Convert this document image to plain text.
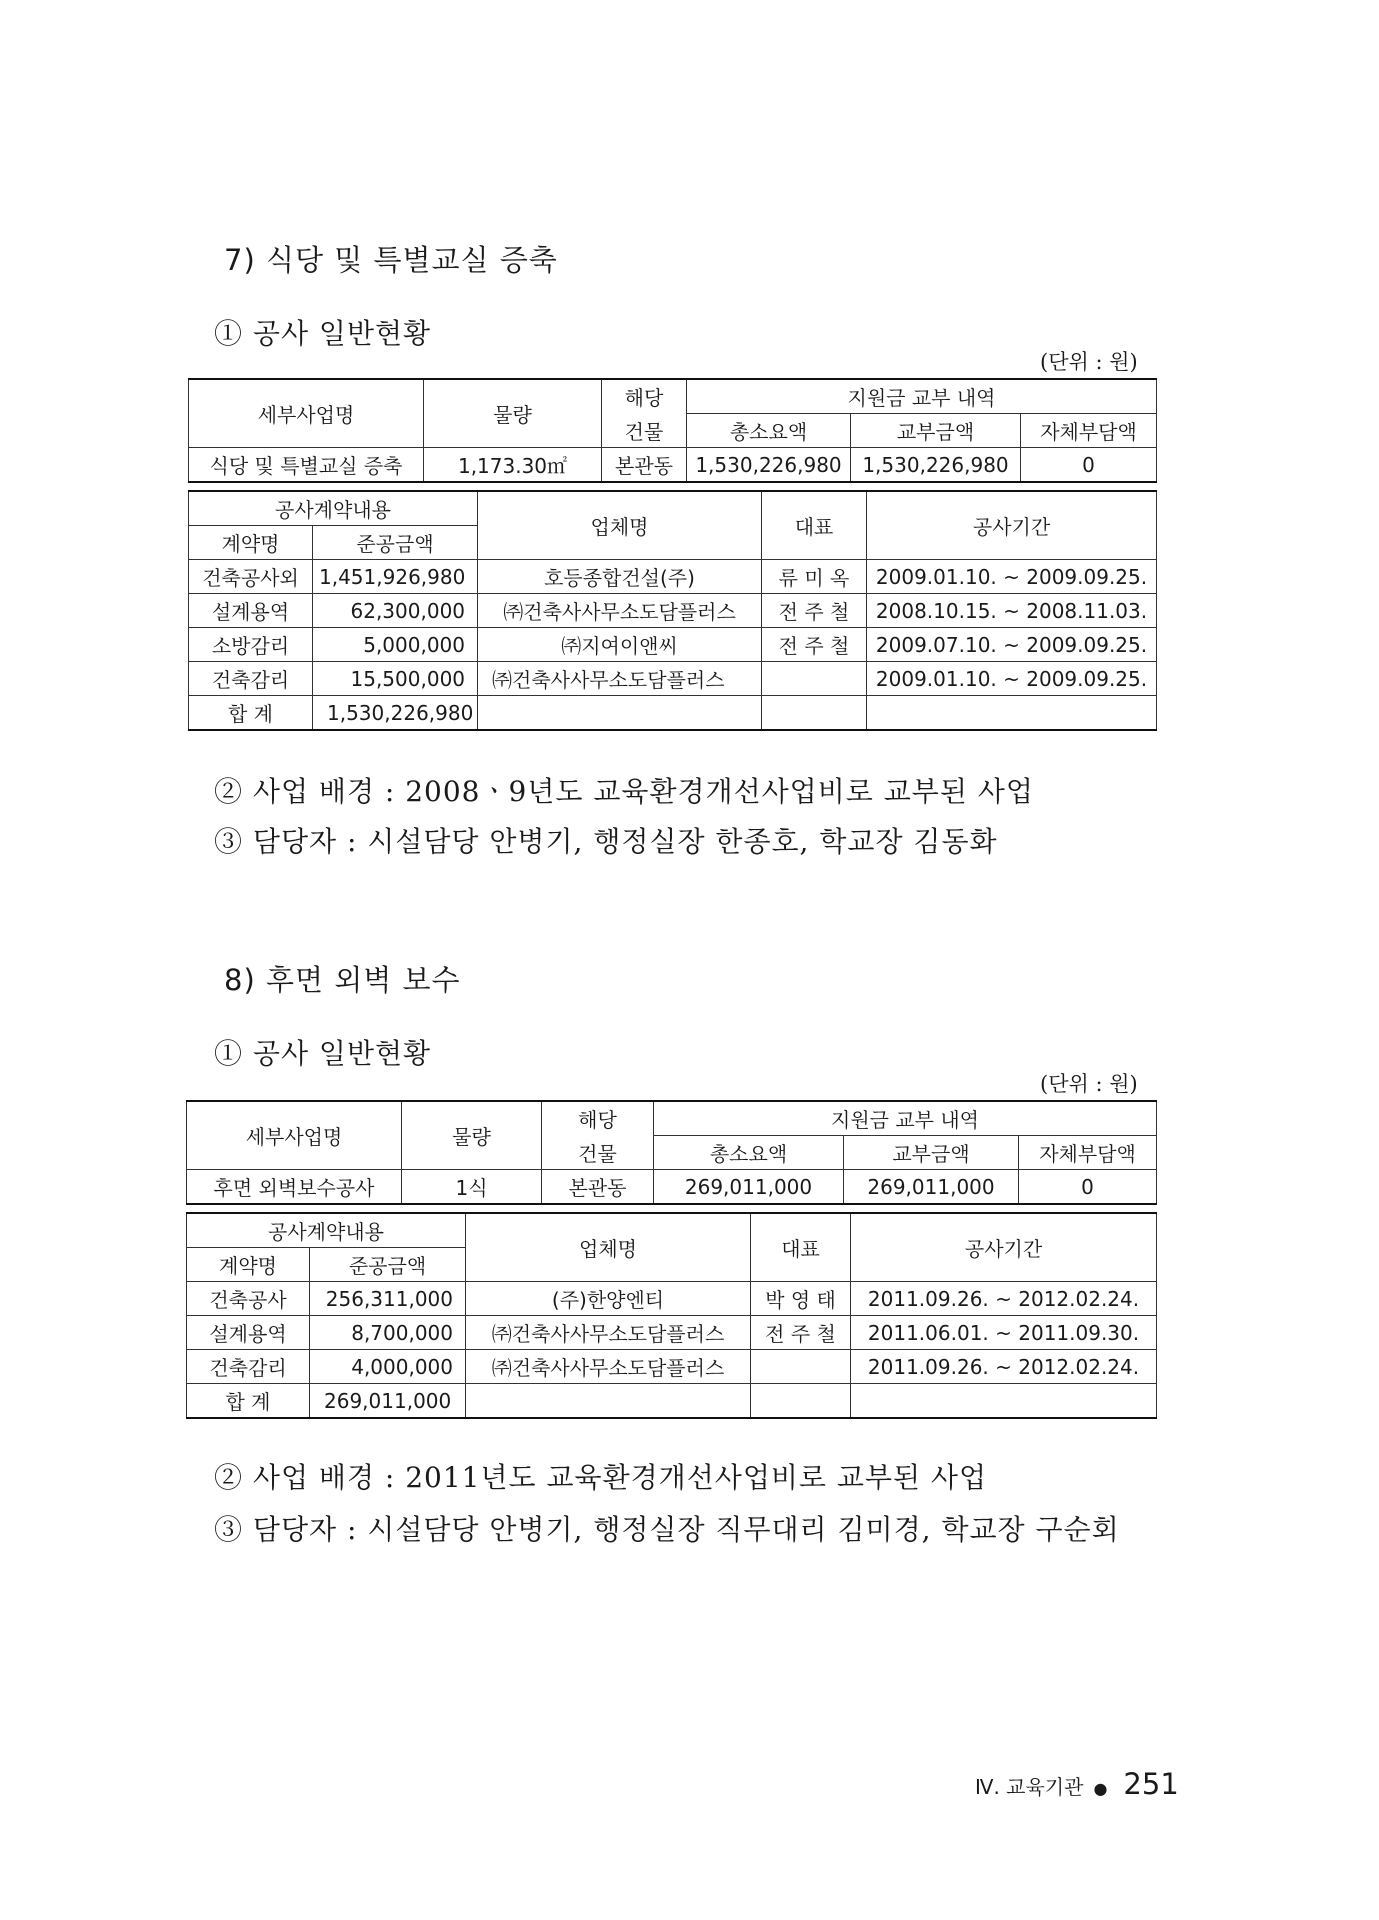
7) 식당 및 특별교실 증축
① 공사 일반현황
(단위 : 원)
세부사업명	물량	해당	지원금 교부 내역		
		건물	총소요액	교부금액	자체부담액
식당 및 특별교실 증축	1,173.30㎡	본관동	1,530,226,980	1,530,226,980	0
공사계약내용		업체명	대표	공사기간
계약명	준공금액			
건축공사외	1,451,926,980	호등종합건설(주)	류 미 옥	2009.01.10. ~ 2009.09.25.
설계용역	62,300,000	㈜건축사사무소도담플러스	전 주 철	2008.10.15. ~ 2008.11.03.
소방감리	5,000,000	㈜지여이앤씨	전 주 철	2009.07.10. ~ 2009.09.25.
건축감리	15,500,000	㈜건축사사무소도담플러스		2009.01.10. ~ 2009.09.25.
합 계	1,530,226,980			
② 사업 배경 : 2008ㆍ9년도 교육환경개선사업비로 교부된 사업
③ 담당자 : 시설담당 안병기, 행정실장 한종호, 학교장 김동화
8) 후면 외벽 보수
① 공사 일반현황
(단위 : 원)
세부사업명	물량	해당	지원금 교부 내역		
		건물	총소요액	교부금액	자체부담액
후면 외벽보수공사	1식	본관동	269,011,000	269,011,000	0
공사계약내용		업체명	대표	공사기간
계약명	준공금액			
건축공사	256,311,000	(주)한양엔티	박 영 태	2011.09.26. ~ 2012.02.24.
설계용역	8,700,000	㈜건축사사무소도담플러스	전 주 철	2011.06.01. ~ 2011.09.30.
건축감리	4,000,000	㈜건축사사무소도담플러스		2011.09.26. ~ 2012.02.24.
합 계	269,011,000			
② 사업 배경 : 2011년도 교육환경개선사업비로 교부된 사업
③ 담당자 : 시설담당 안병기, 행정실장 직무대리 김미경, 학교장 구순회
Ⅳ. 교육기관 ● 251
